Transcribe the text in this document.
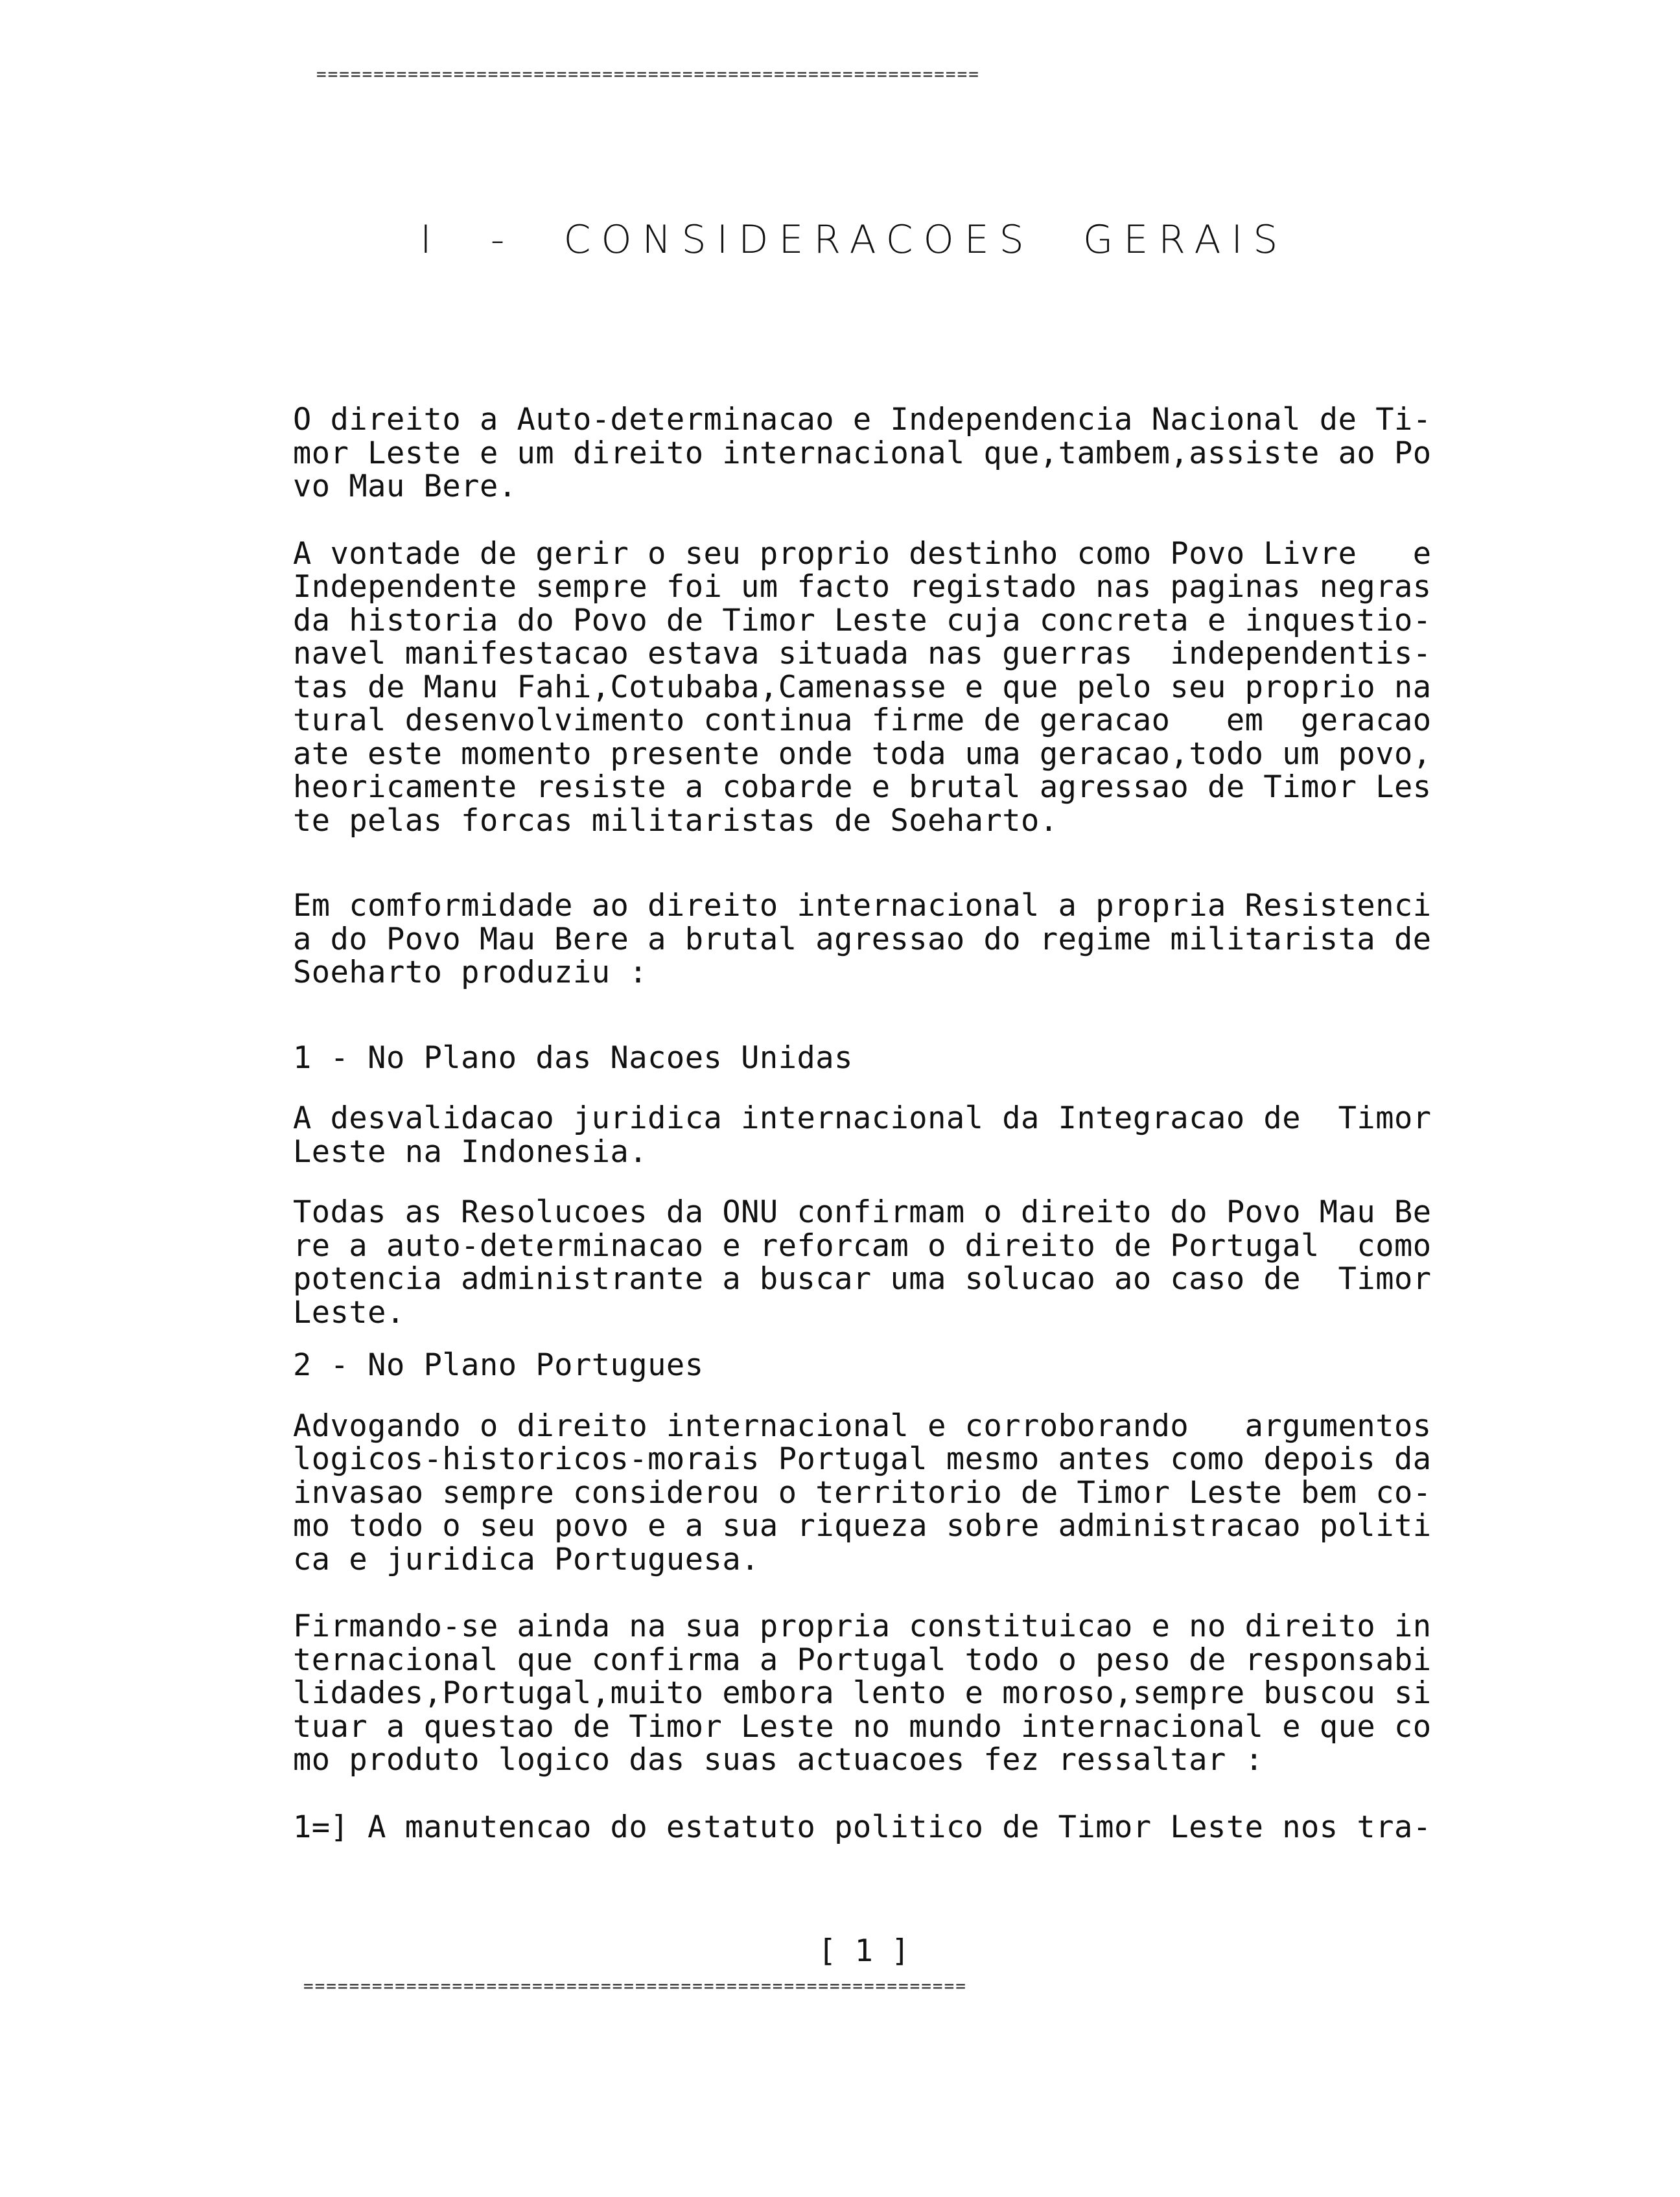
==========================================================
I - CONSIDERACOES GERAIS

O direito a Auto-determinacao e Independencia Nacional de Ti-
mor Leste e um direito internacional que,tambem,assiste ao Po
vo Mau Bere.

A vontade de gerir o seu proprio destinho como Povo Livre   e
Independente sempre foi um facto registado nas paginas negras
da historia do Povo de Timor Leste cuja concreta e inquestio-
navel manifestacao estava situada nas guerras  independentis-
tas de Manu Fahi,Cotubaba,Camenasse e que pelo seu proprio na
tural desenvolvimento continua firme de geracao   em  geracao
ate este momento presente onde toda uma geracao,todo um povo,
heoricamente resiste a cobarde e brutal agressao de Timor Les
te pelas forcas militaristas de Soeharto.

Em comformidade ao direito internacional a propria Resistenci
a do Povo Mau Bere a brutal agressao do regime militarista de
Soeharto produziu :

1 - No Plano das Nacoes Unidas

A desvalidacao juridica internacional da Integracao de  Timor
Leste na Indonesia.

Todas as Resolucoes da ONU confirmam o direito do Povo Mau Be
re a auto-determinacao e reforcam o direito de Portugal  como
potencia administrante a buscar uma solucao ao caso de  Timor
Leste.

2 - No Plano Portugues

Advogando o direito internacional e corroborando   argumentos
logicos-historicos-morais Portugal mesmo antes como depois da
invasao sempre considerou o territorio de Timor Leste bem co-
mo todo o seu povo e a sua riqueza sobre administracao politi
ca e juridica Portuguesa.

Firmando-se ainda na sua propria constituicao e no direito in
ternacional que confirma a Portugal todo o peso de responsabi
lidades,Portugal,muito embora lento e moroso,sempre buscou si
tuar a questao de Timor Leste no mundo internacional e que co
mo produto logico das suas actuacoes fez ressaltar :

1=] A manutencao do estatuto politico de Timor Leste nos tra-

[ 1 ]
==========================================================
